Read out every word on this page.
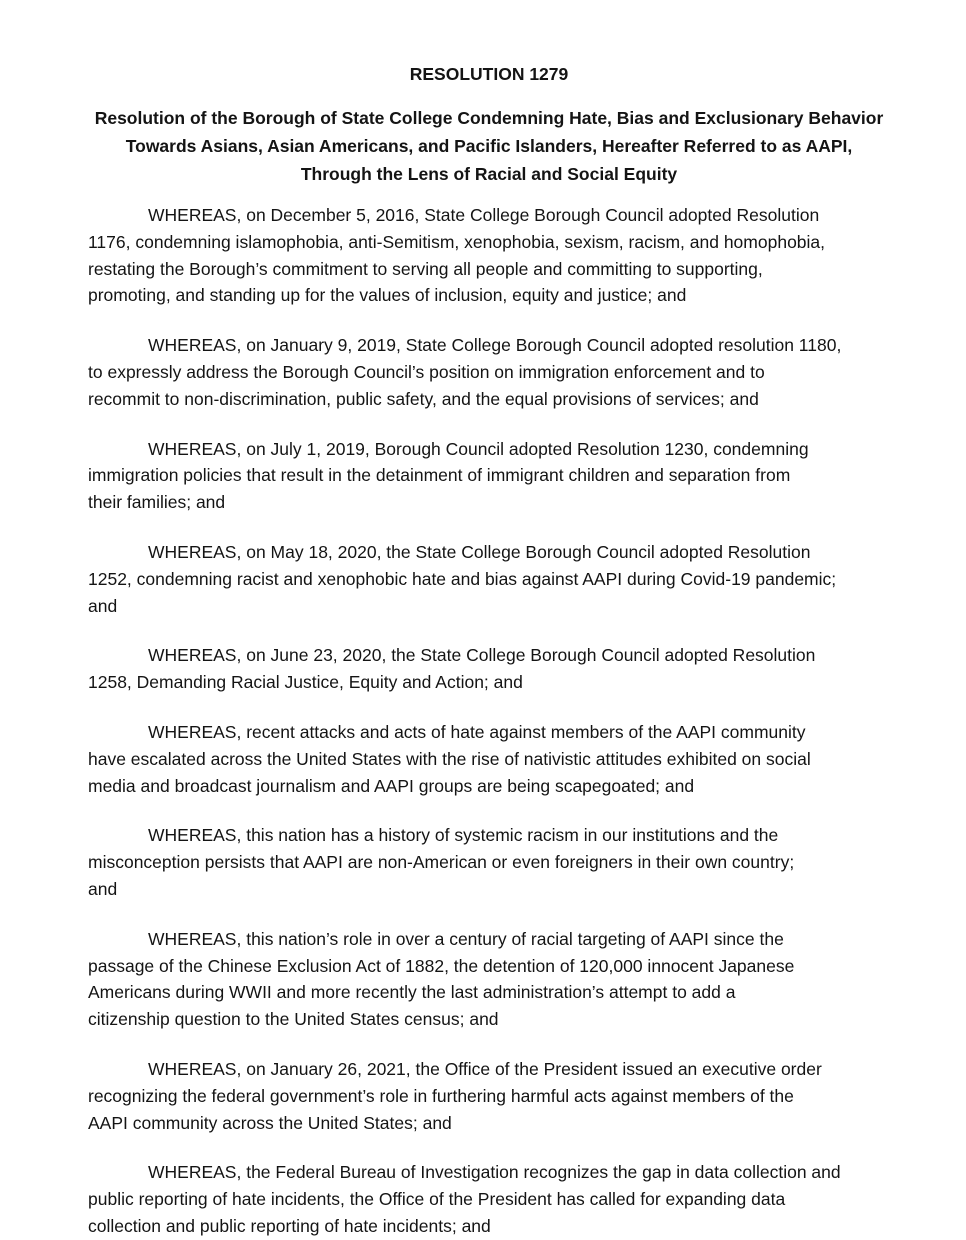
RESOLUTION 1279
Resolution of the Borough of State College Condemning Hate, Bias and Exclusionary Behavior
Towards Asians, Asian Americans, and Pacific Islanders, Hereafter Referred to as AAPI,
Through the Lens of Racial and Social Equity

WHEREAS, on December 5, 2016, State College Borough Council adopted Resolution
1176, condemning islamophobia, anti-Semitism, xenophobia, sexism, racism, and homophobia,
restating the Borough’s commitment to serving all people and committing to supporting,
promoting, and standing up for the values of inclusion, equity and justice; and

WHEREAS, on January 9, 2019, State College Borough Council adopted resolution 1180,
to expressly address the Borough Council’s position on immigration enforcement and to
recommit to non-discrimination, public safety, and the equal provisions of services; and

WHEREAS, on July 1, 2019, Borough Council adopted Resolution 1230, condemning
immigration policies that result in the detainment of immigrant children and separation from
their families; and

WHEREAS, on May 18, 2020, the State College Borough Council adopted Resolution
1252, condemning racist and xenophobic hate and bias against AAPI during Covid-19 pandemic;
and

WHEREAS, on June 23, 2020, the State College Borough Council adopted Resolution
1258, Demanding Racial Justice, Equity and Action; and

WHEREAS, recent attacks and acts of hate against members of the AAPI community
have escalated across the United States with the rise of nativistic attitudes exhibited on social
media and broadcast journalism and AAPI groups are being scapegoated; and

WHEREAS, this nation has a history of systemic racism in our institutions and the
misconception persists that AAPI are non-American or even foreigners in their own country;
and

WHEREAS, this nation’s role in over a century of racial targeting of AAPI since the
passage of the Chinese Exclusion Act of 1882, the detention of 120,000 innocent Japanese
Americans during WWII and more recently the last administration’s attempt to add a
citizenship question to the United States census; and

WHEREAS, on January 26, 2021, the Office of the President issued an executive order
recognizing the federal government’s role in furthering harmful acts against members of the
AAPI community across the United States; and

WHEREAS, the Federal Bureau of Investigation recognizes the gap in data collection and
public reporting of hate incidents, the Office of the President has called for expanding data
collection and public reporting of hate incidents; and
